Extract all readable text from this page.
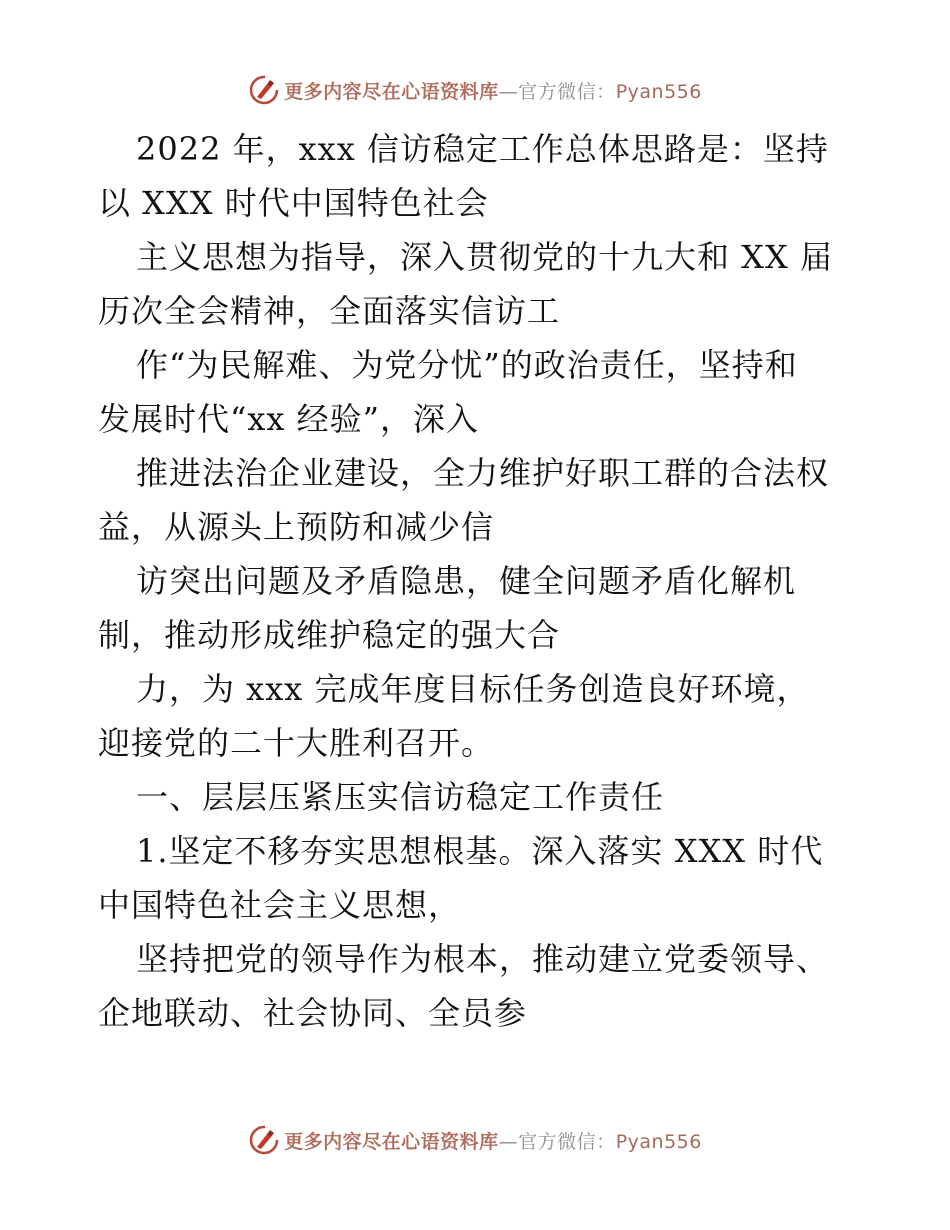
更多内容尽在心语资料库—官方微信：Pyan556
2022 年，xxx 信访稳定工作总体思路是：坚持
以 XXX 时代中国特色社会
主义思想为指导，深入贯彻党的十九大和 XX 届
历次全会精神，全面落实信访工
作“为民解难、为党分忧”的政治责任，坚持和
发展时代“xx 经验”，深入
推进法治企业建设，全力维护好职工群的合法权
益，从源头上预防和减少信
访突出问题及矛盾隐患，健全问题矛盾化解机
制，推动形成维护稳定的强大合
力，为 xxx 完成年度目标任务创造良好环境，
迎接党的二十大胜利召开。
一、层层压紧压实信访稳定工作责任
1.坚定不移夯实思想根基。深入落实 XXX 时代
中国特色社会主义思想，
坚持把党的领导作为根本，推动建立党委领导、
企地联动、社会协同、全员参
更多内容尽在心语资料库—官方微信：Pyan556
